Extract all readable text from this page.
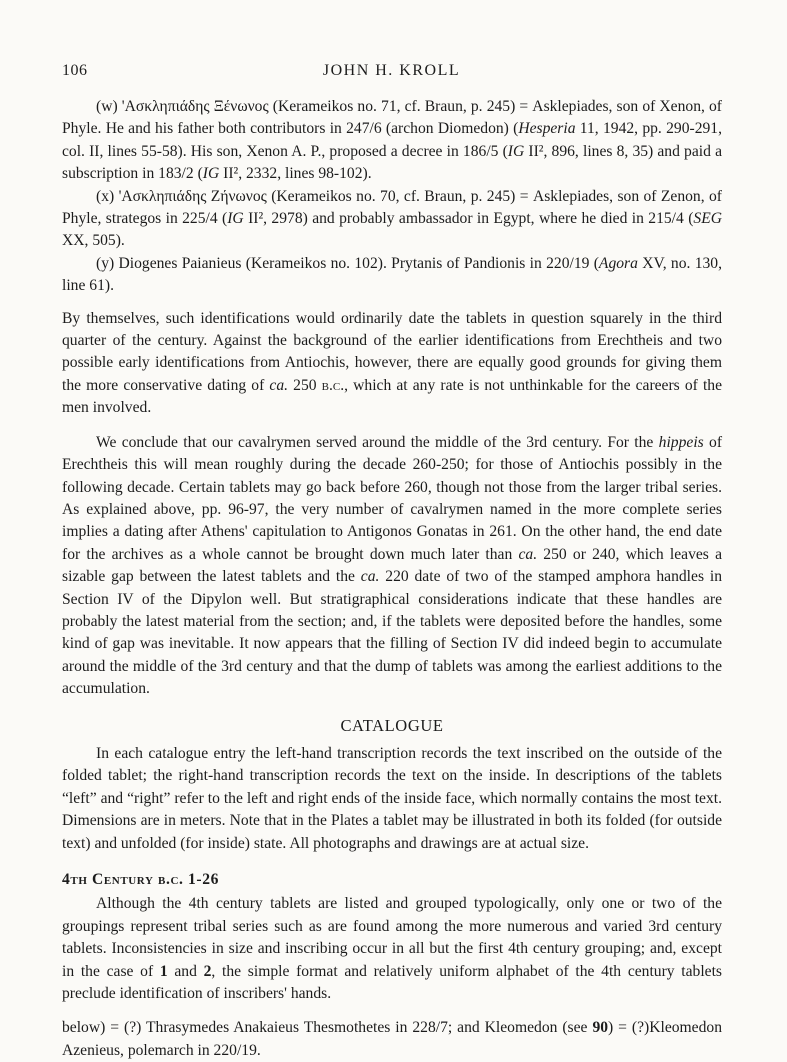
106	JOHN H. KROLL

(w) 'Ασκληπιάδης Ξένωνος (Kerameikos no. 71, cf. Braun, p. 245) = Asklepiades, son of Xenon, of Phyle. He and his father both contributors in 247/6 (archon Diomedon) (Hesperia 11, 1942, pp. 290-291, col. II, lines 55-58). His son, Xenon A. P., proposed a decree in 186/5 (IG II², 896, lines 8, 35) and paid a subscription in 183/2 (IG II², 2332, lines 98-102).

(x) 'Ασκληπιάδης Ζήνωνος (Kerameikos no. 70, cf. Braun, p. 245) = Asklepiades, son of Zenon, of Phyle, strategos in 225/4 (IG II², 2978) and probably ambassador in Egypt, where he died in 215/4 (SEG XX, 505).

(y) Diogenes Paianieus (Kerameikos no. 102). Prytanis of Pandionis in 220/19 (Agora XV, no. 130, line 61).

By themselves, such identifications would ordinarily date the tablets in question squarely in the third quarter of the century. Against the background of the earlier identifications from Erechtheis and two possible early identifications from Antiochis, however, there are equally good grounds for giving them the more conservative dating of ca. 250 b.c., which at any rate is not unthinkable for the careers of the men involved.

We conclude that our cavalrymen served around the middle of the 3rd century. For the hippeis of Erechtheis this will mean roughly during the decade 260-250; for those of Antiochis possibly in the following decade. Certain tablets may go back before 260, though not those from the larger tribal series. As explained above, pp. 96-97, the very number of cavalrymen named in the more complete series implies a dating after Athens' capitulation to Antigonos Gonatas in 261. On the other hand, the end date for the archives as a whole cannot be brought down much later than ca. 250 or 240, which leaves a sizable gap between the latest tablets and the ca. 220 date of two of the stamped amphora handles in Section IV of the Dipylon well. But stratigraphical considerations indicate that these handles are probably the latest material from the section; and, if the tablets were deposited before the handles, some kind of gap was inevitable. It now appears that the filling of Section IV did indeed begin to accumulate around the middle of the 3rd century and that the dump of tablets was among the earliest additions to the accumulation.

CATALOGUE

In each catalogue entry the left-hand transcription records the text inscribed on the outside of the folded tablet; the right-hand transcription records the text on the inside. In descriptions of the tablets “left” and “right” refer to the left and right ends of the inside face, which normally contains the most text. Dimensions are in meters. Note that in the Plates a tablet may be illustrated in both its folded (for outside text) and unfolded (for inside) state. All photographs and drawings are at actual size.

4th Century b.c. 1-26

Although the 4th century tablets are listed and grouped typologically, only one or two of the groupings represent tribal series such as are found among the more numerous and varied 3rd century tablets. Inconsistencies in size and inscribing occur in all but the first 4th century grouping; and, except in the case of 1 and 2, the simple format and relatively uniform alphabet of the 4th century tablets preclude identification of inscribers' hands.

below) = (?) Thrasymedes Anakaieus Thesmothetes in 228/7; and Kleomedon (see 90) = (?)Kleomedon Azenieus, polemarch in 220/19.
